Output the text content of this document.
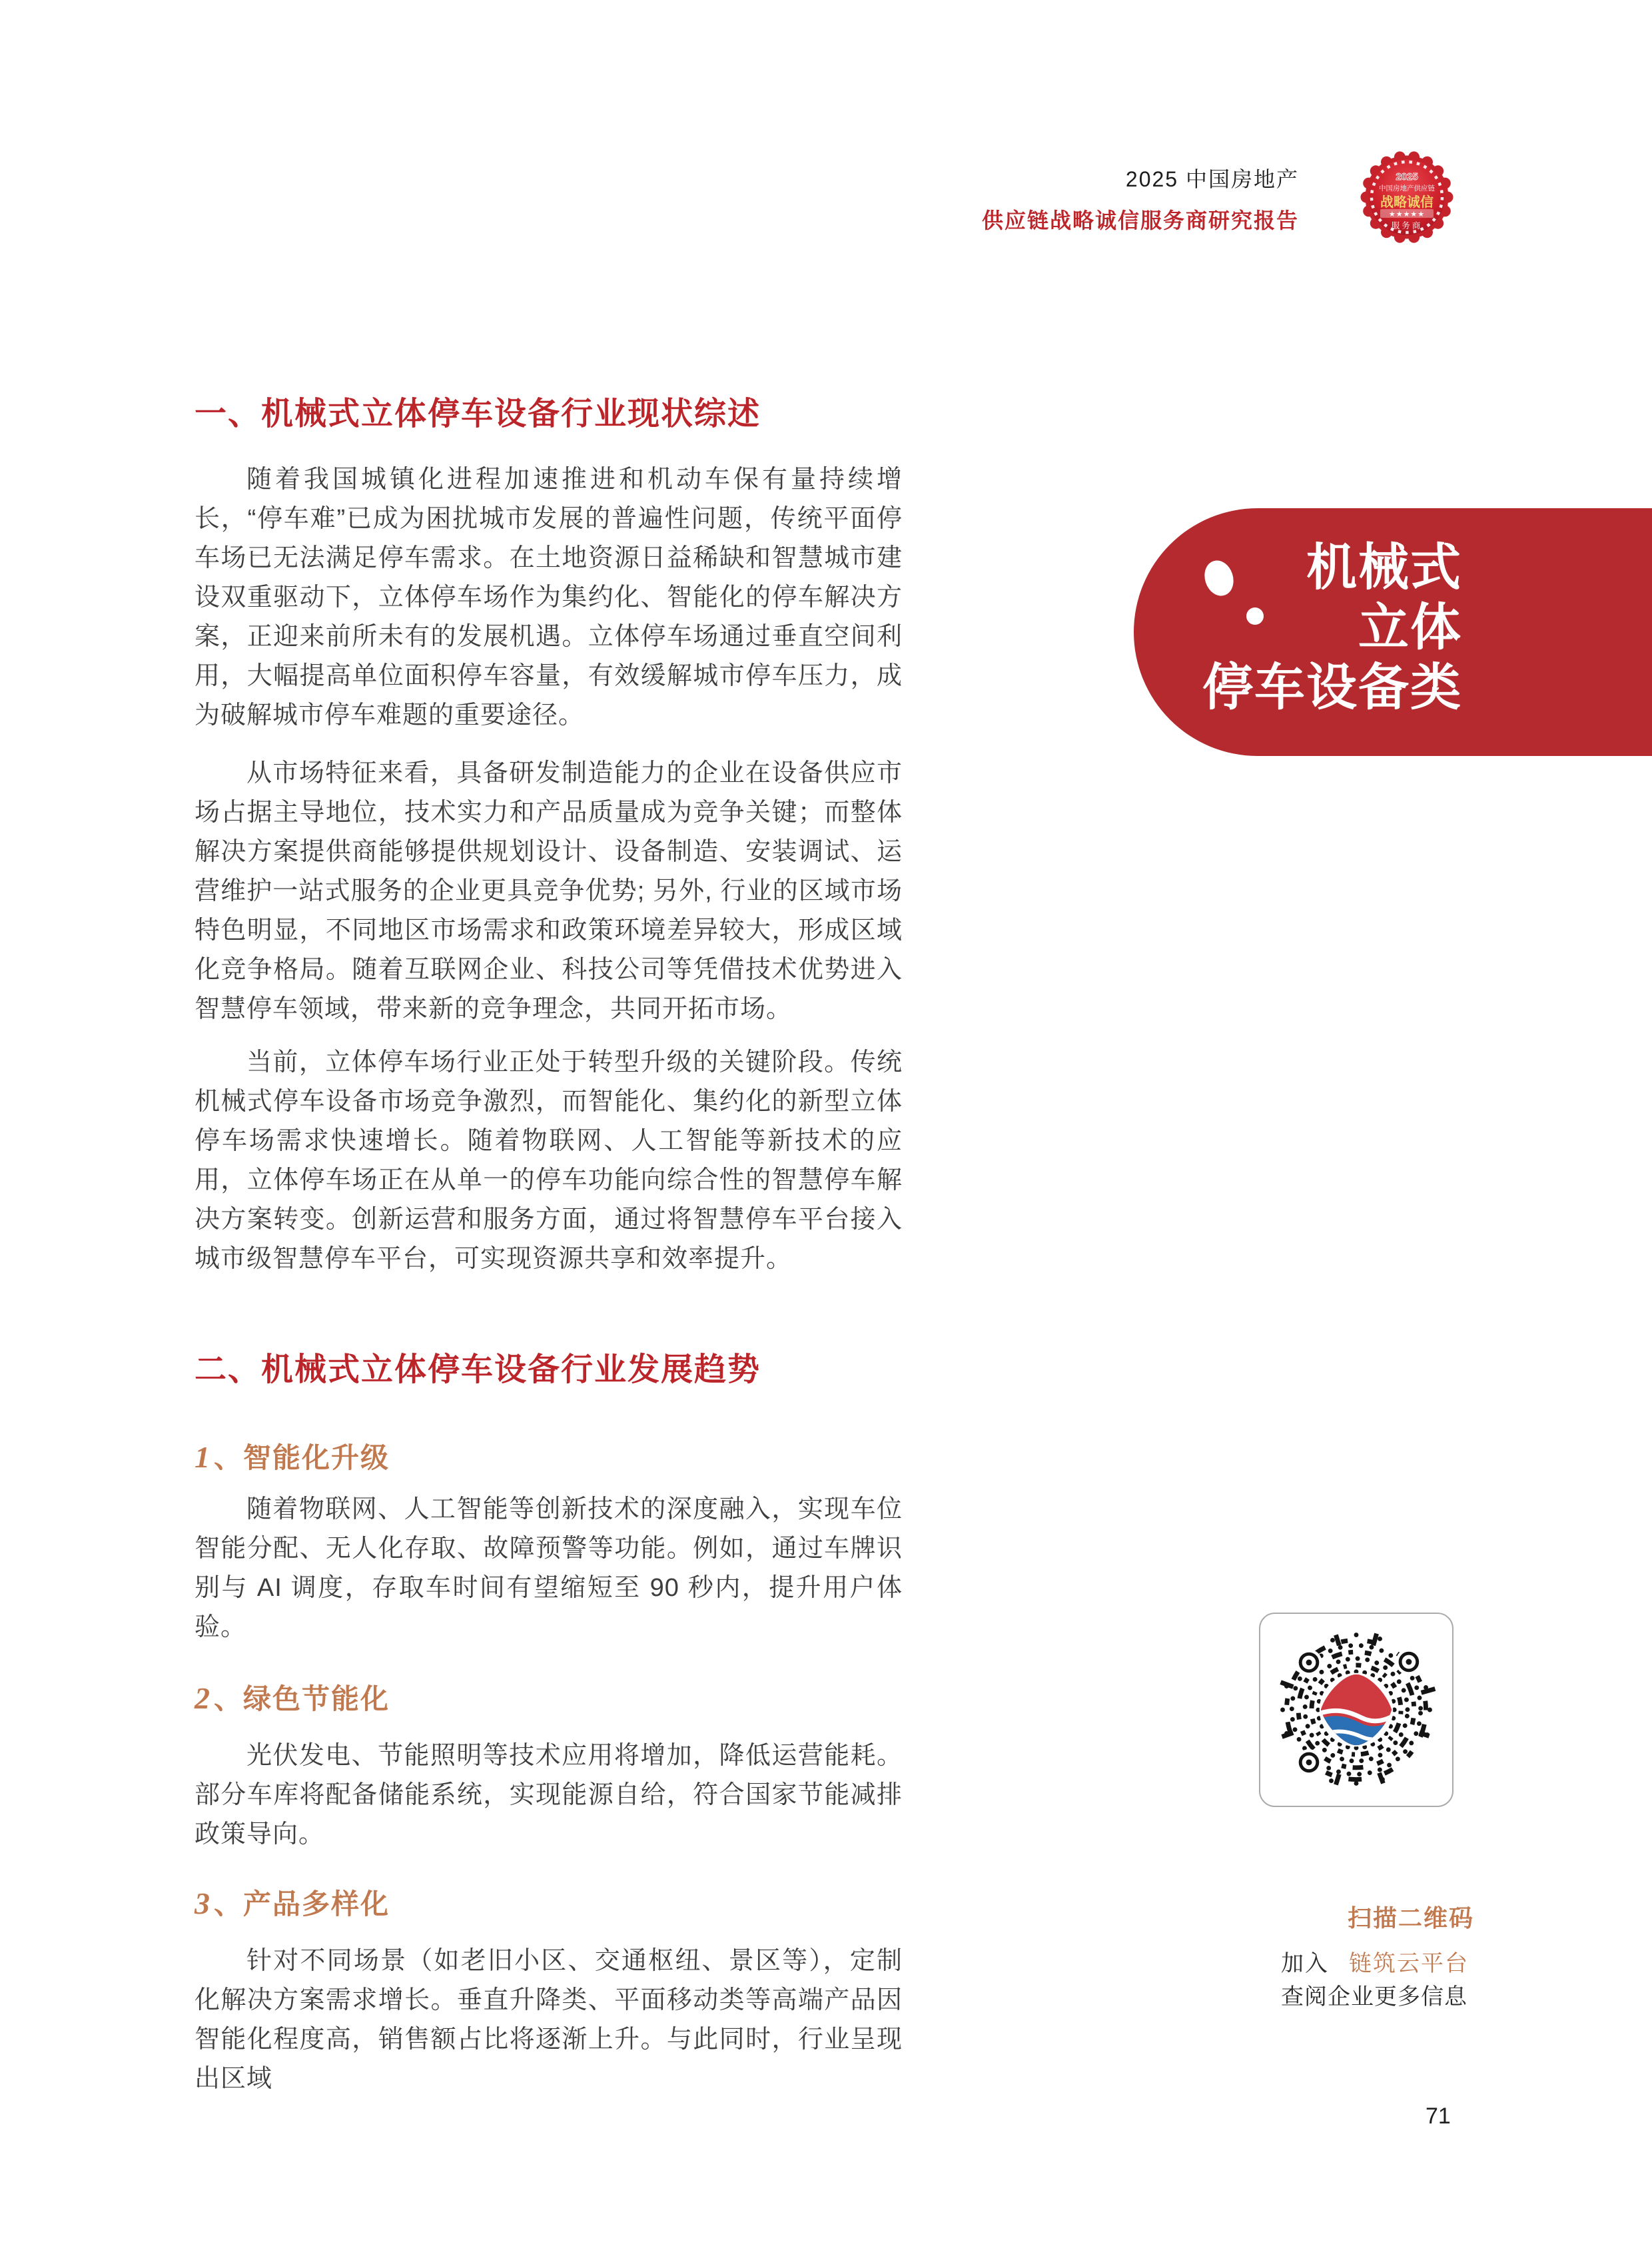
2025 中国房地产
供应链战略诚信服务商研究报告
2025
中国房地产供应链
战略诚信
★★★★★
服务商
机械式
立体
停车设备类
一、机械式立体停车设备行业现状综述

随着我国城镇化进程加速推进和机动车保有量持续增长，“停车难”已成为困扰城市发展的普遍性问题，传统平面停车场已无法满足停车需求。在土地资源日益稀缺和智慧城市建设双重驱动下，立体停车场作为集约化、智能化的停车解决方案，正迎来前所未有的发展机遇。立体停车场通过垂直空间利用，大幅提高单位面积停车容量，有效缓解城市停车压力，成为破解城市停车难题的重要途径。

从市场特征来看，具备研发制造能力的企业在设备供应市场占据主导地位，技术实力和产品质量成为竞争关键；而整体解决方案提供商能够提供规划设计、设备制造、安装调试、运营维护一站式服务的企业更具竞争优势; 另外, 行业的区域市场特色明显，不同地区市场需求和政策环境差异较大，形成区域化竞争格局。随着互联网企业、科技公司等凭借技术优势进入智慧停车领域，带来新的竞争理念，共同开拓市场。

当前，立体停车场行业正处于转型升级的关键阶段。传统机械式停车设备市场竞争激烈，而智能化、集约化的新型立体停车场需求快速增长。随着物联网、人工智能等新技术的应用，立体停车场正在从单一的停车功能向综合性的智慧停车解决方案转变。创新运营和服务方面，通过将智慧停车平台接入城市级智慧停车平台，可实现资源共享和效率提升。

二、机械式立体停车设备行业发展趋势
1、智能化升级

随着物联网、人工智能等创新技术的深度融入，实现车位智能分配、无人化存取、故障预警等功能。例如，通过车牌识别与 AI 调度，存取车时间有望缩短至 90 秒内，提升用户体验。

2、绿色节能化

光伏发电、节能照明等技术应用将增加，降低运营能耗。部分车库将配备储能系统，实现能源自给，符合国家节能减排政策导向。

3、产品多样化

针对不同场景（如老旧小区、交通枢纽、景区等），定制化解决方案需求增长。垂直升降类、平面移动类等高端产品因智能化程度高，销售额占比将逐渐上升。与此同时，行业呈现出区域

扫描二维码
加入 链筑云平台
查阅企业更多信息
71
